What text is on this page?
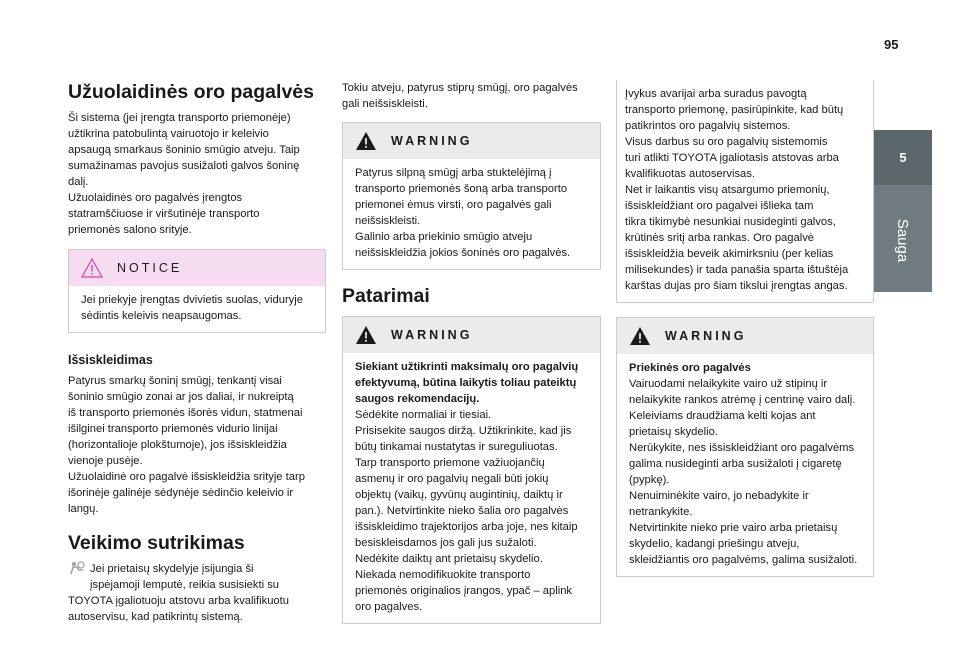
95
5
Sauga
Užuolaidinės oro pagalvės

Ši sistema (jei įrengta transporto priemonėje)
užtikrina patobulintą vairuotojo ir keleivio
apsaugą smarkaus šoninio smūgio atveju. Taip
sumažinamas pavojus susižaloti galvos šoninę
dalį.
Užuolaidinės oro pagalvės įrengtos
statramščiuose ir viršutinėje transporto
priemonės salono srityje.

NOTICE

Jei priekyje įrengtas dvivietis suolas, viduryje
sėdintis keleivis neapsaugomas.

Išsiskleidimas

Patyrus smarkų šoninį smūgį, tenkantį visai
šoninio smūgio zonai ar jos daliai, ir nukreiptą
iš transporto priemonės išorės vidun, statmenai
išilginei transporto priemonės vidurio linijai
(horizontalioje plokštumoje), jos išsiskleidžia
vienoje pusėje.
Užuolaidinė oro pagalvė išsiskleidžia srityje tarp
išorinėje galinėje sėdynėje sėdinčio keleivio ir
langų.

Veikimo sutrikimas

Jei prietaisų skydelyje įsijungia ši
įspėjamoji lemputė, reikia susisiekti su

TOYOTA įgaliotuoju atstovu arba kvalifikuotu
autoservisu, kad patikrintų sistemą.

Tokiu atveju, patyrus stiprų smūgį, oro pagalvės
gali neišsiskleisti.

WARNING

Patyrus silpną smūgį arba stuktelėjimą į
transporto priemonės šoną arba transporto
priemonei ėmus virsti, oro pagalvės gali
neišsiskleisti.
Galinio arba priekinio smūgio atveju
neišsiskleidžia jokios šoninės oro pagalvės.

Patarimai
WARNING

Siekiant užtikrinti maksimalų oro pagalvių
efektyvumą, būtina laikytis toliau pateiktų
saugos rekomendacijų.

Sėdėkite normaliai ir tiesiai.
Prisisekite saugos diržą. Užtikrinkite, kad jis
būtų tinkamai nustatytas ir sureguliuotas.
Tarp transporto priemone važiuojančių
asmenų ir oro pagalvių negali būti jokių
objektų (vaikų, gyvūnų augintinių, daiktų ir
pan.). Netvirtinkite nieko šalia oro pagalvės
išsiskleidimo trajektorijos arba joje, nes kitaip
besiskleisdamos jos gali jus sužaloti.
Nedėkite daiktų ant prietaisų skydelio.
Niekada nemodifikuokite transporto
priemonės originalios įrangos, ypač – aplink
oro pagalves.

Įvykus avarijai arba suradus pavogtą
transporto priemonę, pasirūpinkite, kad būtų
patikrintos oro pagalvių sistemos.
Visus darbus su oro pagalvių sistemomis
turi atlikti TOYOTA įgaliotasis atstovas arba
kvalifikuotas autoservisas.
Net ir laikantis visų atsargumo priemonių,
išsiskleidžiant oro pagalvei išlieka tam
tikra tikimybė nesunkiai nusideginti galvos,
krūtinės sritį arba rankas. Oro pagalvė
išsiskleidžia beveik akimirksniu (per kelias
milisekundes) ir tada panašia sparta ištuštėja
karštas dujas pro šiam tikslui įrengtas angas.

WARNING

Priekinės oro pagalvės

Vairuodami nelaikykite vairo už stipinų ir
nelaikykite rankos atrėmę į centrinę vairo dalį.
Keleiviams draudžiama kelti kojas ant
prietaisų skydelio.
Nerūkykite, nes išsiskleidžiant oro pagalvėms
galima nusideginti arba susižaloti į cigaretę
(pypkę).
Nenuiminėkite vairo, jo nebadykite ir
netrankykite.
Netvirtinkite nieko prie vairo arba prietaisų
skydelio, kadangi priešingu atveju,
skleidžiantis oro pagalvėms, galima susižaloti.
